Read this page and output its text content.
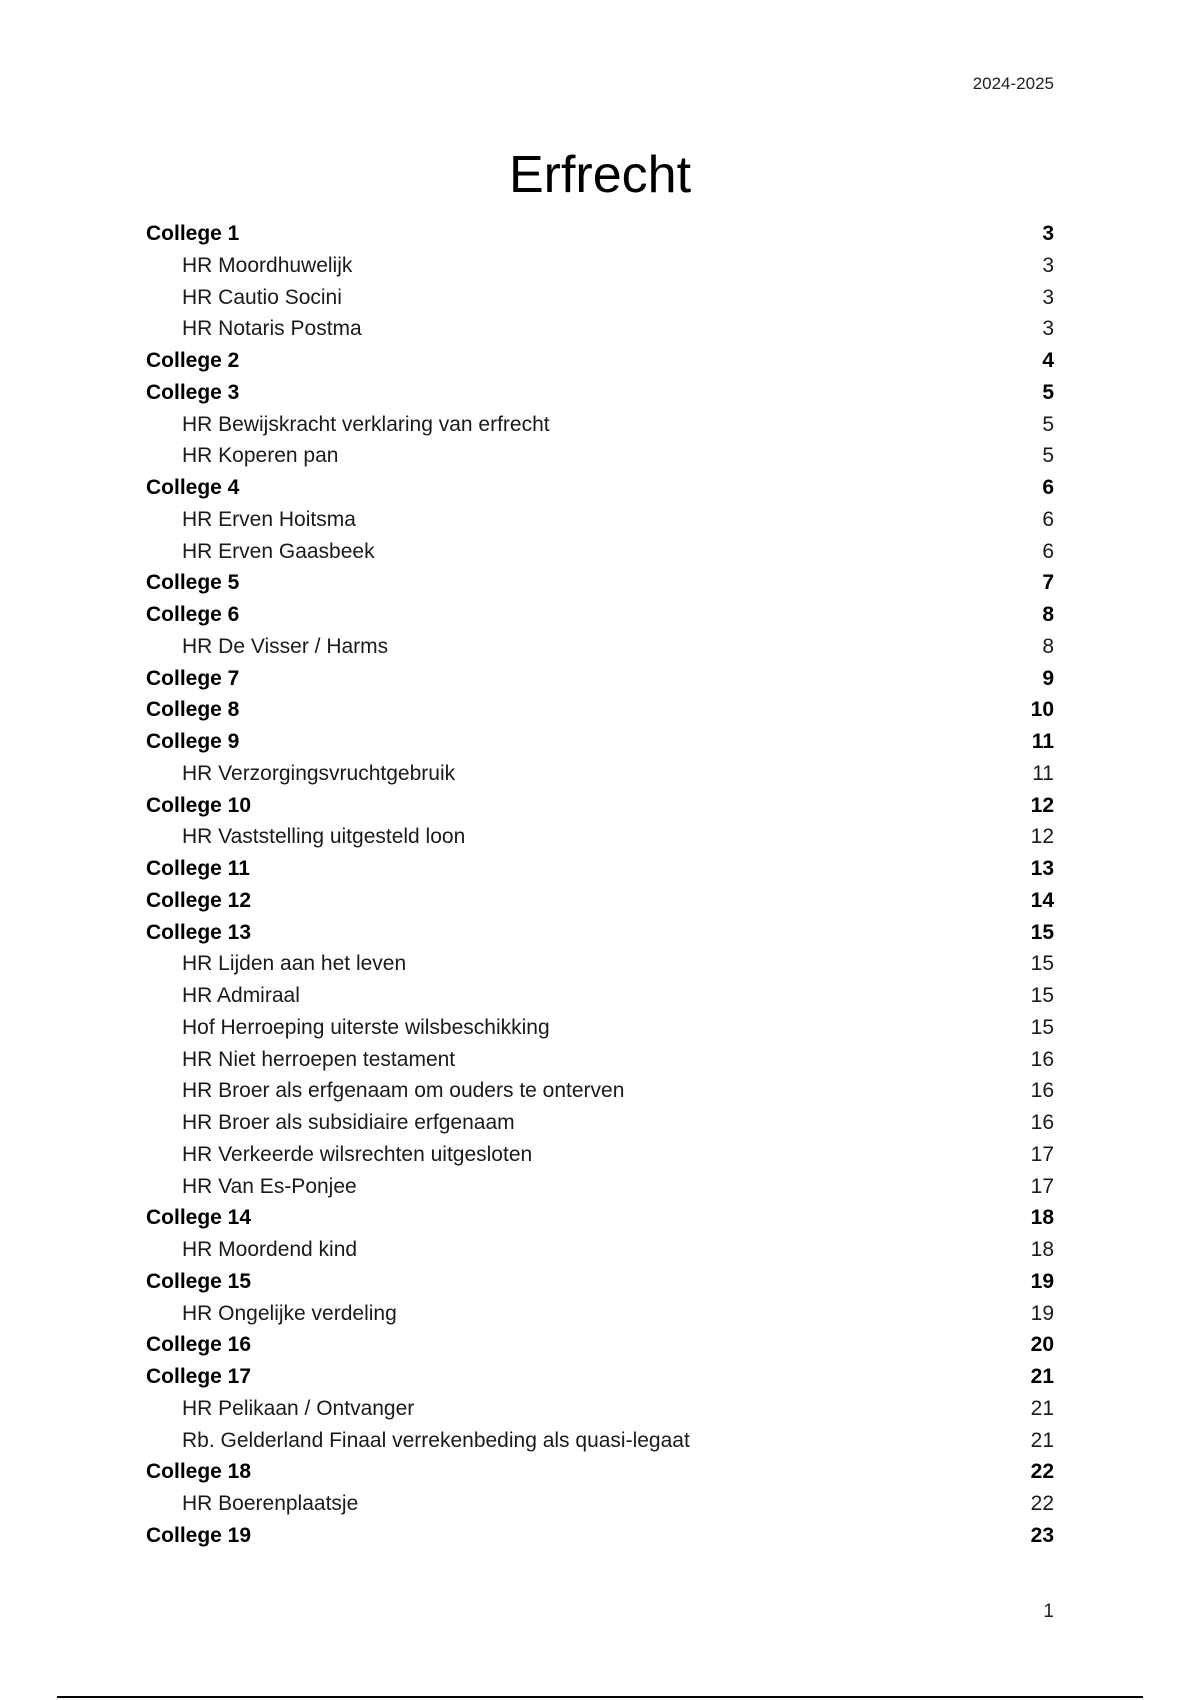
2024-2025
Erfrecht
College 1	3
HR Moordhuwelijk	3
HR Cautio Socini	3
HR Notaris Postma	3
College 2	4
College 3	5
HR Bewijskracht verklaring van erfrecht	5
HR Koperen pan	5
College 4	6
HR Erven Hoitsma	6
HR Erven Gaasbeek	6
College 5	7
College 6	8
HR De Visser / Harms	8
College 7	9
College 8	10
College 9	11
HR Verzorgingsvruchtgebruik	11
College 10	12
HR Vaststelling uitgesteld loon	12
College 11	13
College 12	14
College 13	15
HR Lijden aan het leven	15
HR Admiraal	15
Hof Herroeping uiterste wilsbeschikking	15
HR Niet herroepen testament	16
HR Broer als erfgenaam om ouders te onterven	16
HR Broer als subsidiaire erfgenaam	16
HR Verkeerde wilsrechten uitgesloten	17
HR Van Es-Ponjee	17
College 14	18
HR Moordend kind	18
College 15	19
HR Ongelijke verdeling	19
College 16	20
College 17	21
HR Pelikaan / Ontvanger	21
Rb. Gelderland Finaal verrekenbeding als quasi-legaat	21
College 18	22
HR Boerenplaatsje	22
College 19	23
1
